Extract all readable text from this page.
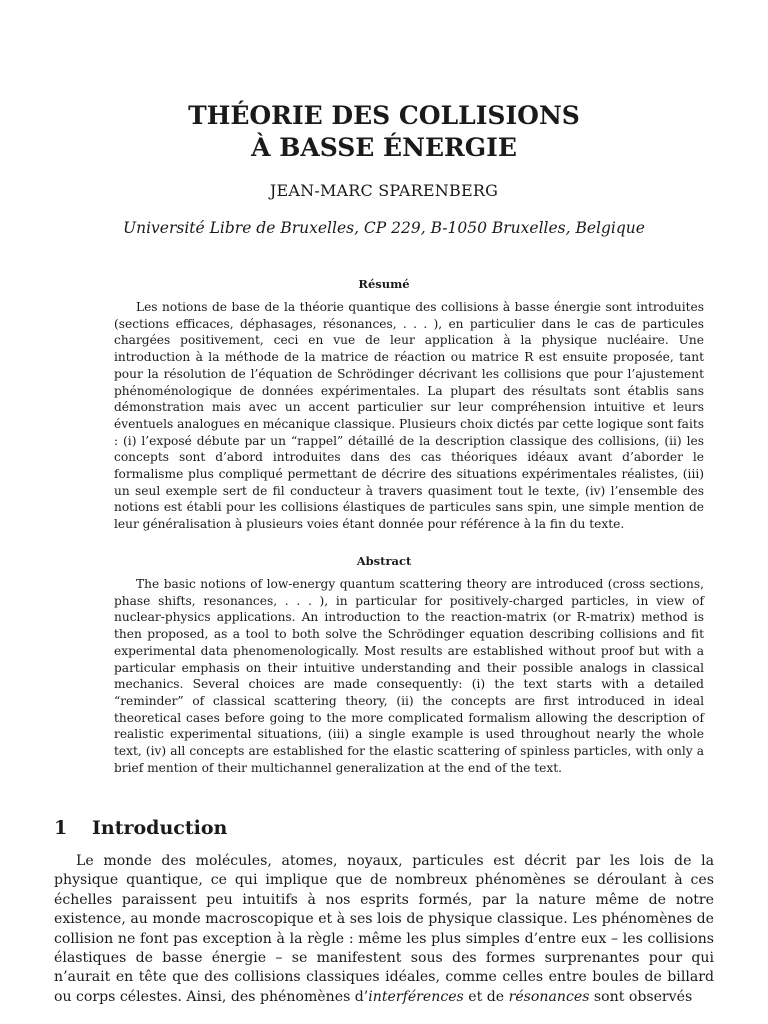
THÉORIE DES COLLISIONS
À BASSE ÉNERGIE
JEAN-MARC SPARENBERG
Université Libre de Bruxelles, CP 229, B-1050 Bruxelles, Belgique
Résumé

Les notions de base de la théorie quantique des collisions à basse énergie sont introduites (sections efficaces, déphasages, résonances, . . . ), en particulier dans le cas de particules chargées positivement, ceci en vue de leur application à la physique nucléaire. Une introduction à la méthode de la matrice de réaction ou matrice R est ensuite proposée, tant pour la résolution de l’équation de Schrödinger décrivant les collisions que pour l’ajustement phénoménologique de données expérimentales. La plupart des résultats sont établis sans démonstration mais avec un accent particulier sur leur compréhension intuitive et leurs éventuels analogues en mécanique classique. Plusieurs choix dictés par cette logique sont faits : (i) l’exposé débute par un “rappel” détaillé de la description classique des collisions, (ii) les concepts sont d’abord introduites dans des cas théoriques idéaux avant d’aborder le formalisme plus compliqué permettant de décrire des situations expérimentales réalistes, (iii) un seul exemple sert de fil conducteur à travers quasiment tout le texte, (iv) l’ensemble des notions est établi pour les collisions élastiques de particules sans spin, une simple mention de leur généralisation à plusieurs voies étant donnée pour référence à la fin du texte.

Abstract

The basic notions of low-energy quantum scattering theory are introduced (cross sections, phase shifts, resonances, . . . ), in particular for positively-charged particles, in view of nuclear-physics applications. An introduction to the reaction-matrix (or R-matrix) method is then proposed, as a tool to both solve the Schrödinger equation describing collisions and fit experimental data phenomenologically. Most results are established without proof but with a particular emphasis on their intuitive understanding and their possible analogs in classical mechanics. Several choices are made consequently: (i) the text starts with a detailed “reminder” of classical scattering theory, (ii) the concepts are first introduced in ideal theoretical cases before going to the more complicated formalism allowing the description of realistic experimental situations, (iii) a single example is used throughout nearly the whole text, (iv) all concepts are established for the elastic scattering of spinless particles, with only a brief mention of their multichannel generalization at the end of the text.

1 Introduction

Le monde des molécules, atomes, noyaux, particules est décrit par les lois de la physique quantique, ce qui implique que de nombreux phénomènes se déroulant à ces échelles paraissent peu intuitifs à nos esprits formés, par la nature même de notre existence, au monde macroscopique et à ses lois de physique classique. Les phénomènes de collision ne font pas exception à la règle : même les plus simples d’entre eux – les collisions élastiques de basse énergie – se manifestent sous des formes surprenantes pour qui n’aurait en tête que des collisions classiques idéales, comme celles entre boules de billard ou corps célestes. Ainsi, des phénomènes d’interférences et de résonances sont observés
